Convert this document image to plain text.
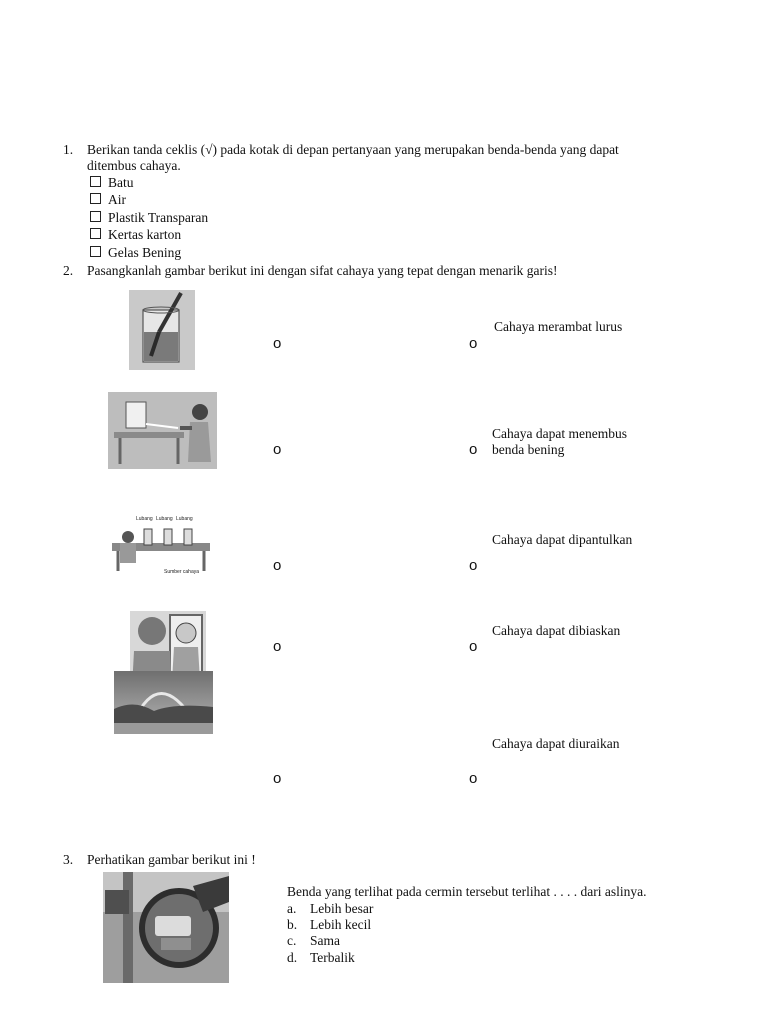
1. Berikan tanda ceklis (√) pada kotak di depan pertanyaan yang merupakan benda-benda yang dapat
ditembus cahaya.
Batu
Air
Plastik Transparan
Kertas karton
Gelas Bening
2. Pasangkanlah gambar berikut ini dengan sifat cahaya yang tepat dengan menarik garis!
Lubang Lubang Lubang
Sumber cahaya
o
o
o
o
o
o
o
o
o
o
Cahaya merambat lurus
Cahaya dapat menembus
benda bening
Cahaya dapat dipantulkan
Cahaya dapat dibiaskan
Cahaya dapat diuraikan
3. Perhatikan gambar berikut ini !
Benda yang terlihat pada cermin tersebut terlihat . . . . dari aslinya.
a. Lebih besar
b. Lebih kecil
c. Sama
d. Terbalik
